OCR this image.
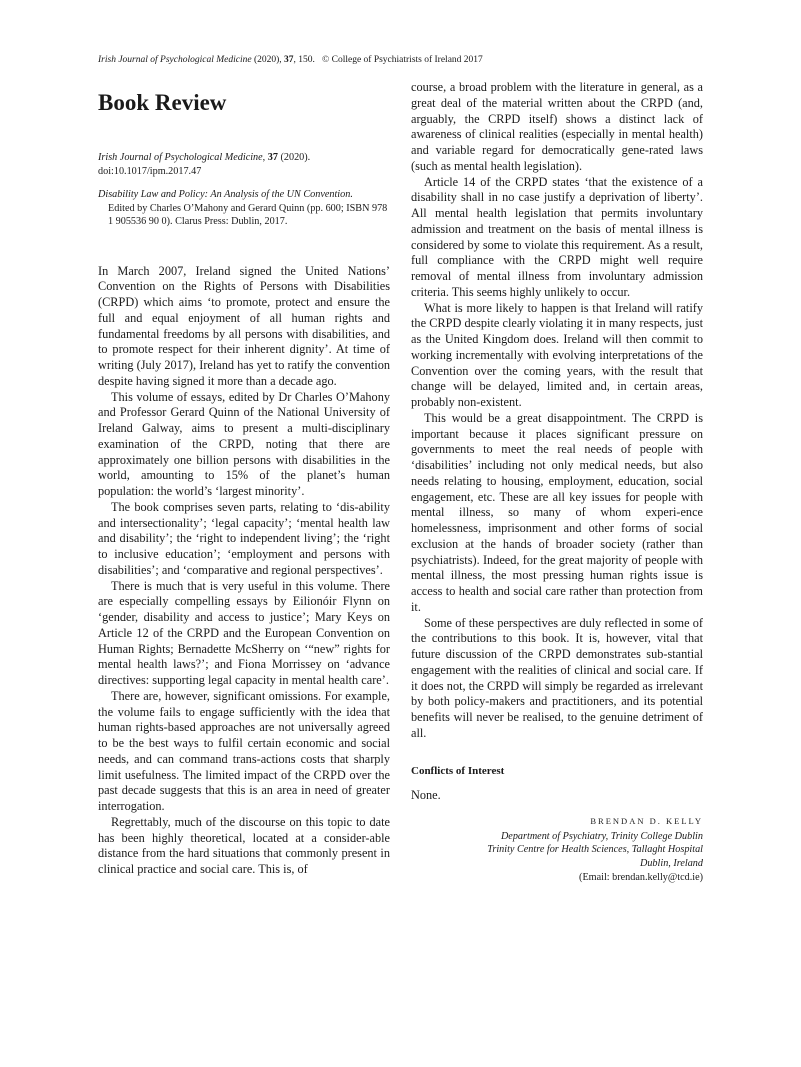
Irish Journal of Psychological Medicine (2020), 37, 150. © College of Psychiatrists of Ireland 2017
Book Review
Irish Journal of Psychological Medicine, 37 (2020).
doi:10.1017/ipm.2017.47
Disability Law and Policy: An Analysis of the UN Convention.
Edited by Charles O’Mahony and Gerard Quinn (pp. 600; ISBN 978 1 905536 90 0). Clarus Press: Dublin, 2017.

In March 2007, Ireland signed the United Nations’ Convention on the Rights of Persons with Disabilities (CRPD) which aims ‘to promote, protect and ensure the full and equal enjoyment of all human rights and fundamental freedoms by all persons with disabilities, and to promote respect for their inherent dignity’. At time of writing (July 2017), Ireland has yet to ratify the convention despite having signed it more than a decade ago.

This volume of essays, edited by Dr Charles O’Mahony and Professor Gerard Quinn of the National University of Ireland Galway, aims to present a multi-disciplinary examination of the CRPD, noting that there are approximately one billion persons with disabilities in the world, amounting to 15% of the planet’s human population: the world’s ‘largest minority’.

The book comprises seven parts, relating to ‘dis-ability and intersectionality’; ‘legal capacity’; ‘mental health law and disability’; the ‘right to independent living’; the ‘right to inclusive education’; ‘employment and persons with disabilities’; and ‘comparative and regional perspectives’.

There is much that is very useful in this volume. There are especially compelling essays by Eilionóir Flynn on ‘gender, disability and access to justice’; Mary Keys on Article 12 of the CRPD and the European Convention on Human Rights; Bernadette McSherry on ‘“new” rights for mental health laws?’; and Fiona Morrissey on ‘advance directives: supporting legal capacity in mental health care’.

There are, however, significant omissions. For example, the volume fails to engage sufficiently with the idea that human rights-based approaches are not universally agreed to be the best ways to fulfil certain economic and social needs, and can command trans-actions costs that sharply limit usefulness. The limited impact of the CRPD over the past decade suggests that this is an area in need of greater interrogation.

Regrettably, much of the discourse on this topic to date has been highly theoretical, located at a consider-able distance from the hard situations that commonly present in clinical practice and social care. This is, of

course, a broad problem with the literature in general, as a great deal of the material written about the CRPD (and, arguably, the CRPD itself) shows a distinct lack of awareness of clinical realities (especially in mental health) and variable regard for democratically gene-rated laws (such as mental health legislation).

Article 14 of the CRPD states ‘that the existence of a disability shall in no case justify a deprivation of liberty’. All mental health legislation that permits involuntary admission and treatment on the basis of mental illness is considered by some to violate this requirement. As a result, full compliance with the CRPD might well require removal of mental illness from involuntary admission criteria. This seems highly unlikely to occur.

What is more likely to happen is that Ireland will ratify the CRPD despite clearly violating it in many respects, just as the United Kingdom does. Ireland will then commit to working incrementally with evolving interpretations of the Convention over the coming years, with the result that change will be delayed, limited and, in certain areas, probably non-existent.

This would be a great disappointment. The CRPD is important because it places significant pressure on governments to meet the real needs of people with ‘disabilities’ including not only medical needs, but also needs relating to housing, employment, education, social engagement, etc. These are all key issues for people with mental illness, so many of whom experi-ence homelessness, imprisonment and other forms of social exclusion at the hands of broader society (rather than psychiatrists). Indeed, for the great majority of people with mental illness, the most pressing human rights issue is access to health and social care rather than protection from it.

Some of these perspectives are duly reflected in some of the contributions to this book. It is, however, vital that future discussion of the CRPD demonstrates sub-stantial engagement with the realities of clinical and social care. If it does not, the CRPD will simply be regarded as irrelevant by both policy-makers and practitioners, and its potential benefits will never be realised, to the genuine detriment of all.

Conflicts of Interest
None.
BRENDAN D. KELLY
Department of Psychiatry, Trinity College Dublin
Trinity Centre for Health Sciences, Tallaght Hospital
Dublin, Ireland
(Email: brendan.kelly@tcd.ie)
